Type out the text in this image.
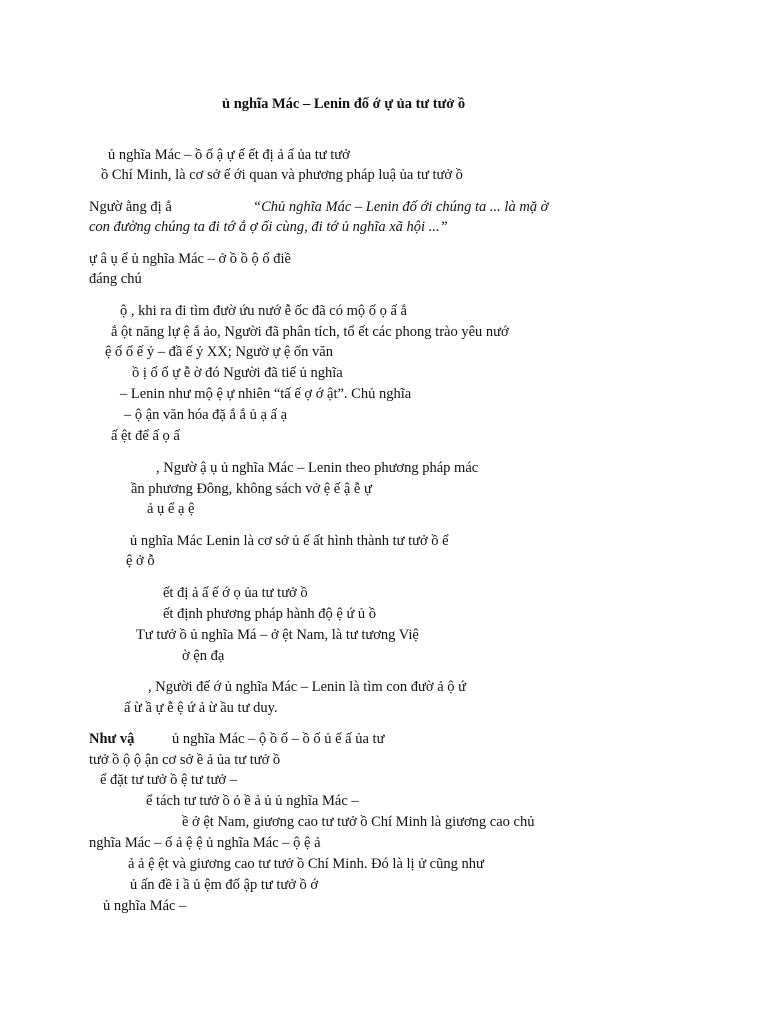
ủ nghĩa Mác – Lenin đố ớ ự ủa tư tưở ồ
ủ nghĩa Mác – ồ ố ậ ự ế ết đị ả ấ ủa tư tưở
ồ Chí Minh, là cơ sở ế ới quan và phương pháp luậ ủa tư tưở ồ
Ngườ ằng đị ẳ	“Chủ nghĩa Mác – Lenin đố ới chúng ta ... là mặ ờ
con đường chúng ta đi tớ ắ ợ ối cùng, đi tớ ủ nghĩa xã hội ...”
ự â ụ ể ủ nghĩa Mác – ở ồ ồ ộ ố điề
đáng chú
ộ , khi ra đi tìm đườ ứu nướ ễ ốc đã có mộ ố ọ ấ ắ
ắ ột năng lự ệ ắ ảo, Người đã phân tích, tổ ết các phong trào yêu nướ
ệ ố ố ế ỷ – đầ ế ỷ XX; Ngườ ự ệ ốn văn
ồ ị ố ố ự ễ ờ đó Người đã tiế ủ nghĩa
– Lenin như mộ ệ ự nhiên “tấ ế ợ ớ ật”. Chủ nghĩa
– ộ ận văn hóa đặ ắ ắ ủ ạ ấ ạ
ấ ệt để ấ ọ ấ
, Ngườ ậ ụ ủ nghĩa Mác – Lenin theo phương pháp mác
ần phương Đông, không sách vở ệ ế ậ ễ ự
ả ụ ể ạ ệ
ủ nghĩa Mác Lenin là cơ sở ủ ế ất hình thành tư tưở ồ ể
ệ ở ỗ
ết đị ả ấ ế ớ ọ ủa tư tưở ồ
ết định phương pháp hành độ ệ ứ ủ ồ
Tư tưở ồ ủ nghĩa Má – ở ệt Nam, là tư tương Việ
ờ ện đạ
, Người đế ớ ủ nghĩa Mác – Lenin là tìm con đườ ả ộ ứ
ấ ừ ầ ự ễ ệ ứ ả ừ ầu tư duy.
Như vậ	ủ nghĩa Mác – ộ ồ ố – ồ ố ủ ế ấ ủa tư
tưở ồ ộ ộ ận cơ sở ề ả ủa tư tưở ồ
ể đặt tư tưở ồ ệ tư tưở –
ể tách tư tưở ồ ỏ ề ả ủ ủ nghĩa Mác –
ề ở ệt Nam, giương cao tư tưở ồ Chí Minh là giương cao chủ
nghĩa Mác – ố ả ệ ệ ủ nghĩa Mác – ộ ệ ả
ả ả ệ ệt và giương cao tư tưở ồ Chí Minh. Đó là lị ử cũng như
ủ ấn đề ỉ ầ ủ ệm đố ập tư tưở ồ ớ
ủ nghĩa Mác –
